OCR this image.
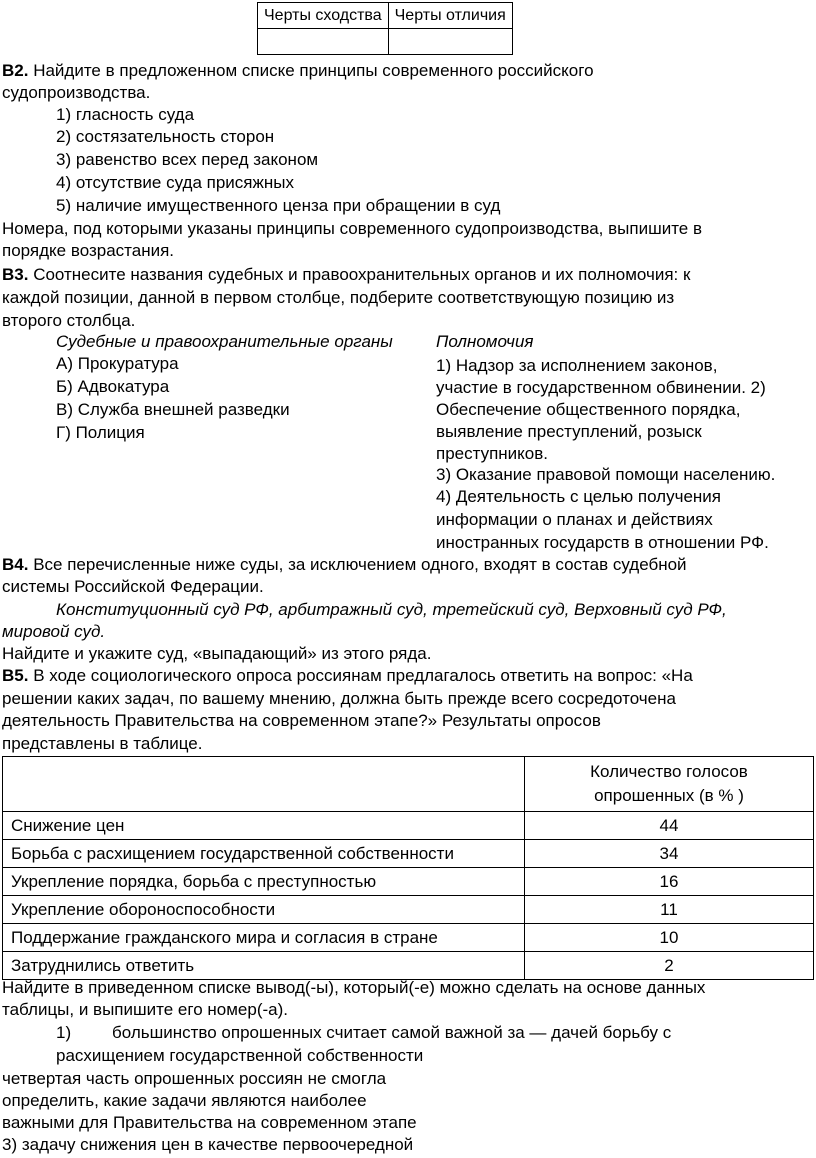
Черты сходства	Черты отличия

В2. Найдите в предложенном списке принципы современного российского
судопроизводства.
1) гласность суда
2) состязательность сторон
3) равенство всех перед законом
4) отсутствие суда присяжных
5) наличие имущественного ценза при обращении в суд
Номера, под которыми указаны принципы современного судопроизводства, выпишите в
порядке возрастания.
В3. Соотнесите названия судебных и правоохранительных органов и их полномочия: к
каждой позиции, данной в первом столбце, подберите соответствующую позицию из
второго столбца.
Судебные и правоохранительные органы	Полномочия
А) Прокуратура
Б) Адвокатура
В) Служба внешней разведки
Г) Полиция
1) Надзор за исполнением законов,
участие в государственном обвинении. 2)
Обеспечение общественного порядка,
выявление преступлений, розыск
преступников.
3) Оказание правовой помощи населению.
4) Деятельность с целью получения
информации о планах и действиях
иностранных государств в отношении РФ.
В4. Все перечисленные ниже суды, за исключением одного, входят в состав судебной
системы Российской Федерации.
Конституционный суд РФ, арбитражный суд, третейский суд, Верховный суд РФ,
мировой суд.
Найдите и укажите суд, «выпадающий» из этого ряда.
В5. В ходе социологического опроса россиянам предлагалось ответить на вопрос: «На
решении каких задач, по вашему мнению, должна быть прежде всего сосредоточена
деятельность Правительства на современном этапе?» Результаты опросов
представлены в таблице.
	Количество голосов
опрошенных (в % )
Снижение цен	44
Борьба с расхищением государственной собственности	34
Укрепление порядка, борьба с преступностью	16
Укрепление обороноспособности	11
Поддержание гражданского мира и согласия в стране	10
Затруднились ответить	2
Найдите в приведенном списке вывод(-ы), который(-е) можно сделать на основе данных
таблицы, и выпишите его номер(-а).
1) большинство опрошенных считает самой важной за — дачей борьбу с
расхищением государственной собственности
четвертая часть опрошенных россиян не смогла
определить, какие задачи являются наиболее
важными для Правительства на современном этапе
3) задачу снижения цен в качестве первоочередной
